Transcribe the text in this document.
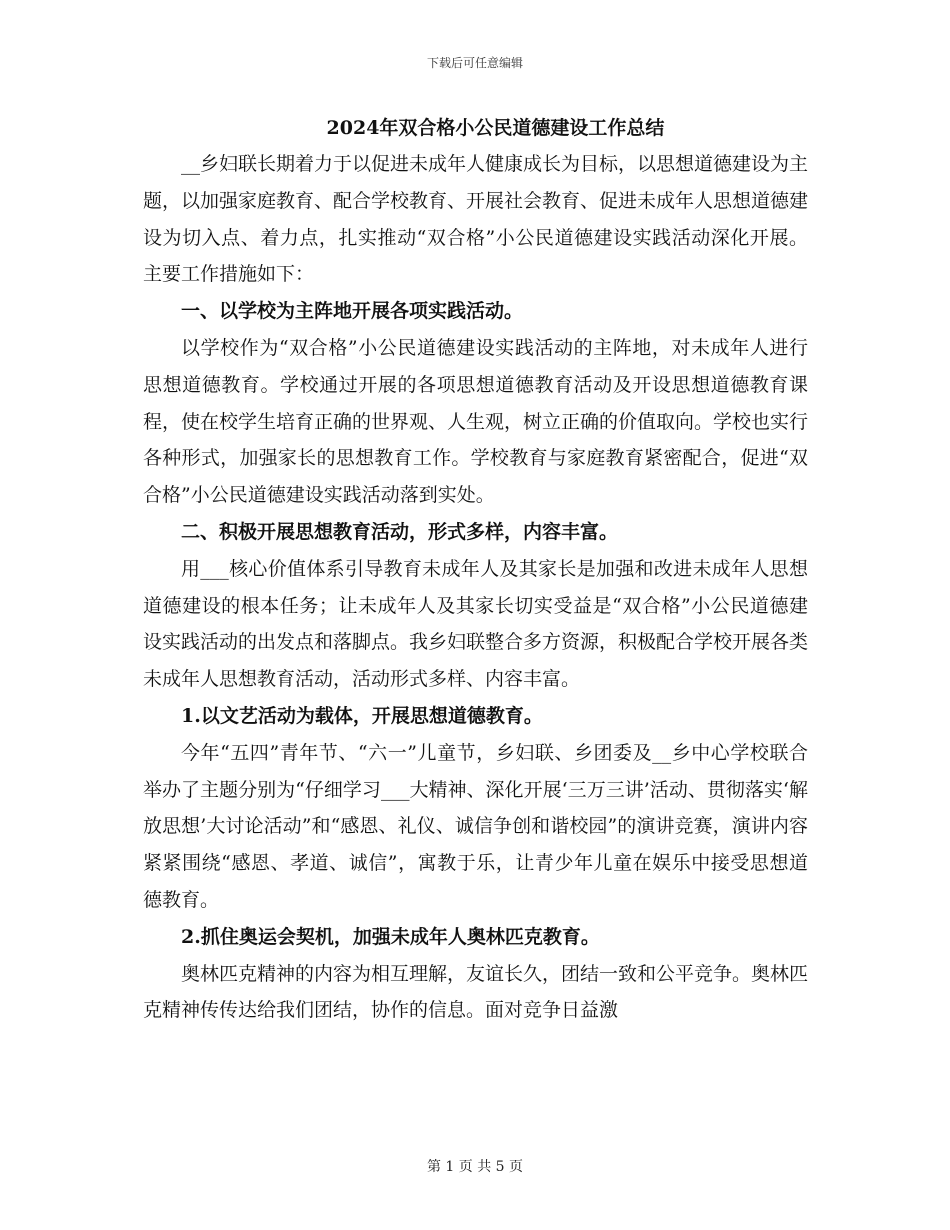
下载后可任意编辑
2024年双合格小公民道德建设工作总结

__乡妇联长期着力于以促进未成年人健康成长为目标，以思想道德建设为主题，以加强家庭教育、配合学校教育、开展社会教育、促进未成年人思想道德建设为切入点、着力点，扎实推动“双合格”小公民道德建设实践活动深化开展。主要工作措施如下：

一、以学校为主阵地开展各项实践活动。

以学校作为“双合格”小公民道德建设实践活动的主阵地，对未成年人进行思想道德教育。学校通过开展的各项思想道德教育活动及开设思想道德教育课程，使在校学生培育正确的世界观、人生观，树立正确的价值取向。学校也实行各种形式，加强家长的思想教育工作。学校教育与家庭教育紧密配合，促进“双合格”小公民道德建设实践活动落到实处。

二、积极开展思想教育活动，形式多样，内容丰富。

用___核心价值体系引导教育未成年人及其家长是加强和改进未成年人思想道德建设的根本任务；让未成年人及其家长切实受益是“双合格”小公民道德建设实践活动的出发点和落脚点。我乡妇联整合多方资源，积极配合学校开展各类未成年人思想教育活动，活动形式多样、内容丰富。

1.以文艺活动为载体，开展思想道德教育。

今年“五四”青年节、“六一”儿童节，乡妇联、乡团委及__乡中心学校联合举办了主题分别为“仔细学习___大精神、深化开展‘三万三讲’活动、贯彻落实‘解放思想’大讨论活动”和“感恩、礼仪、诚信争创和谐校园”的演讲竞赛，演讲内容紧紧围绕“感恩、孝道、诚信”，寓教于乐，让青少年儿童在娱乐中接受思想道德教育。

2.抓住奥运会契机，加强未成年人奥林匹克教育。

奥林匹克精神的内容为相互理解，友谊长久，团结一致和公平竞争。奥林匹克精神传传达给我们团结，协作的信息。面对竞争日益激

第 1 页 共 5 页
